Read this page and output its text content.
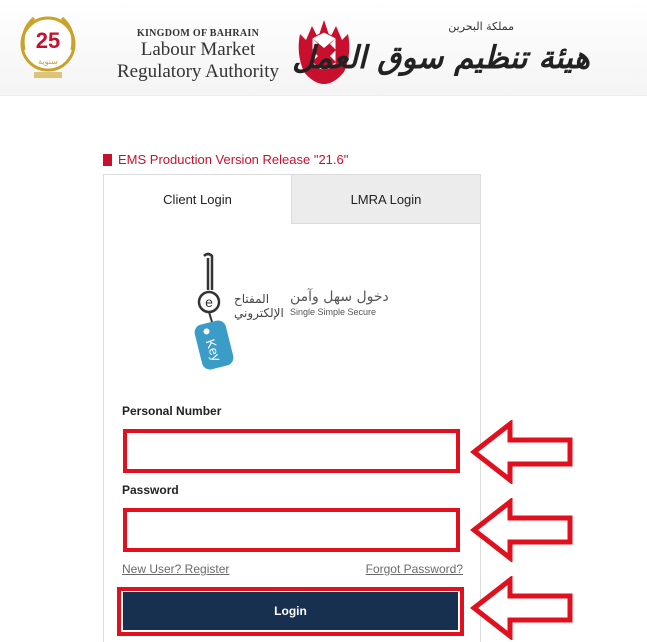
25
سنوية
KINGDOM OF BAHRAIN
Labour Market
Regulatory Authority
مملكة البحرين
هيئة تنظيم سوق العمل
EMS Production Version Release "21.6"
Client Login	LMRA Login
e
Key
المفتاح
الإلكتروني
دخول سهل وآمن
Single Simple Secure
Personal Number
Password
New User? Register	Forgot Password?
Login
